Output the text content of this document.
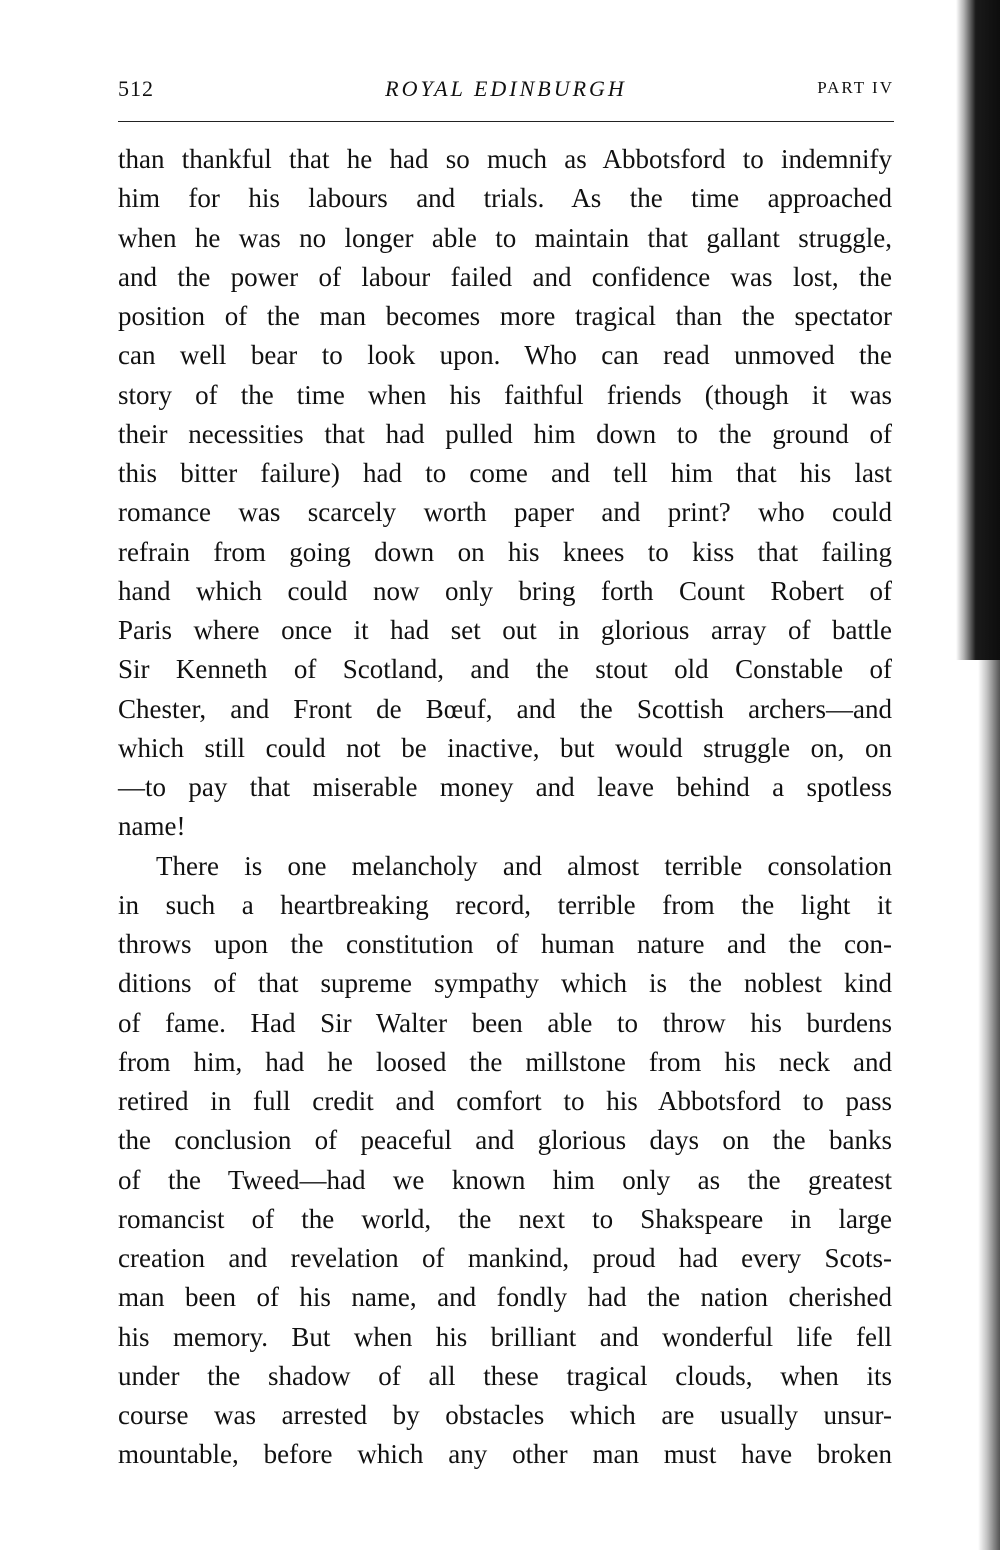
512	ROYAL EDINBURGH	PART IV
than thankful that he had so much as Abbotsford to indemnify
him for his labours and trials. As the time approached
when he was no longer able to maintain that gallant struggle,
and the power of labour failed and confidence was lost, the
position of the man becomes more tragical than the spectator
can well bear to look upon. Who can read unmoved the
story of the time when his faithful friends (though it was
their necessities that had pulled him down to the ground of
this bitter failure) had to come and tell him that his last
romance was scarcely worth paper and print? who could
refrain from going down on his knees to kiss that failing
hand which could now only bring forth Count Robert of
Paris where once it had set out in glorious array of battle
Sir Kenneth of Scotland, and the stout old Constable of
Chester, and Front de Bœuf, and the Scottish archers—and
which still could not be inactive, but would struggle on, on
—to pay that miserable money and leave behind a spotless
name!
There is one melancholy and almost terrible consolation
in such a heartbreaking record, terrible from the light it
throws upon the constitution of human nature and the con-
ditions of that supreme sympathy which is the noblest kind
of fame. Had Sir Walter been able to throw his burdens
from him, had he loosed the millstone from his neck and
retired in full credit and comfort to his Abbotsford to pass
the conclusion of peaceful and glorious days on the banks
of the Tweed—had we known him only as the greatest
romancist of the world, the next to Shakspeare in large
creation and revelation of mankind, proud had every Scots-
man been of his name, and fondly had the nation cherished
his memory. But when his brilliant and wonderful life fell
under the shadow of all these tragical clouds, when its
course was arrested by obstacles which are usually unsur-
mountable, before which any other man must have broken
